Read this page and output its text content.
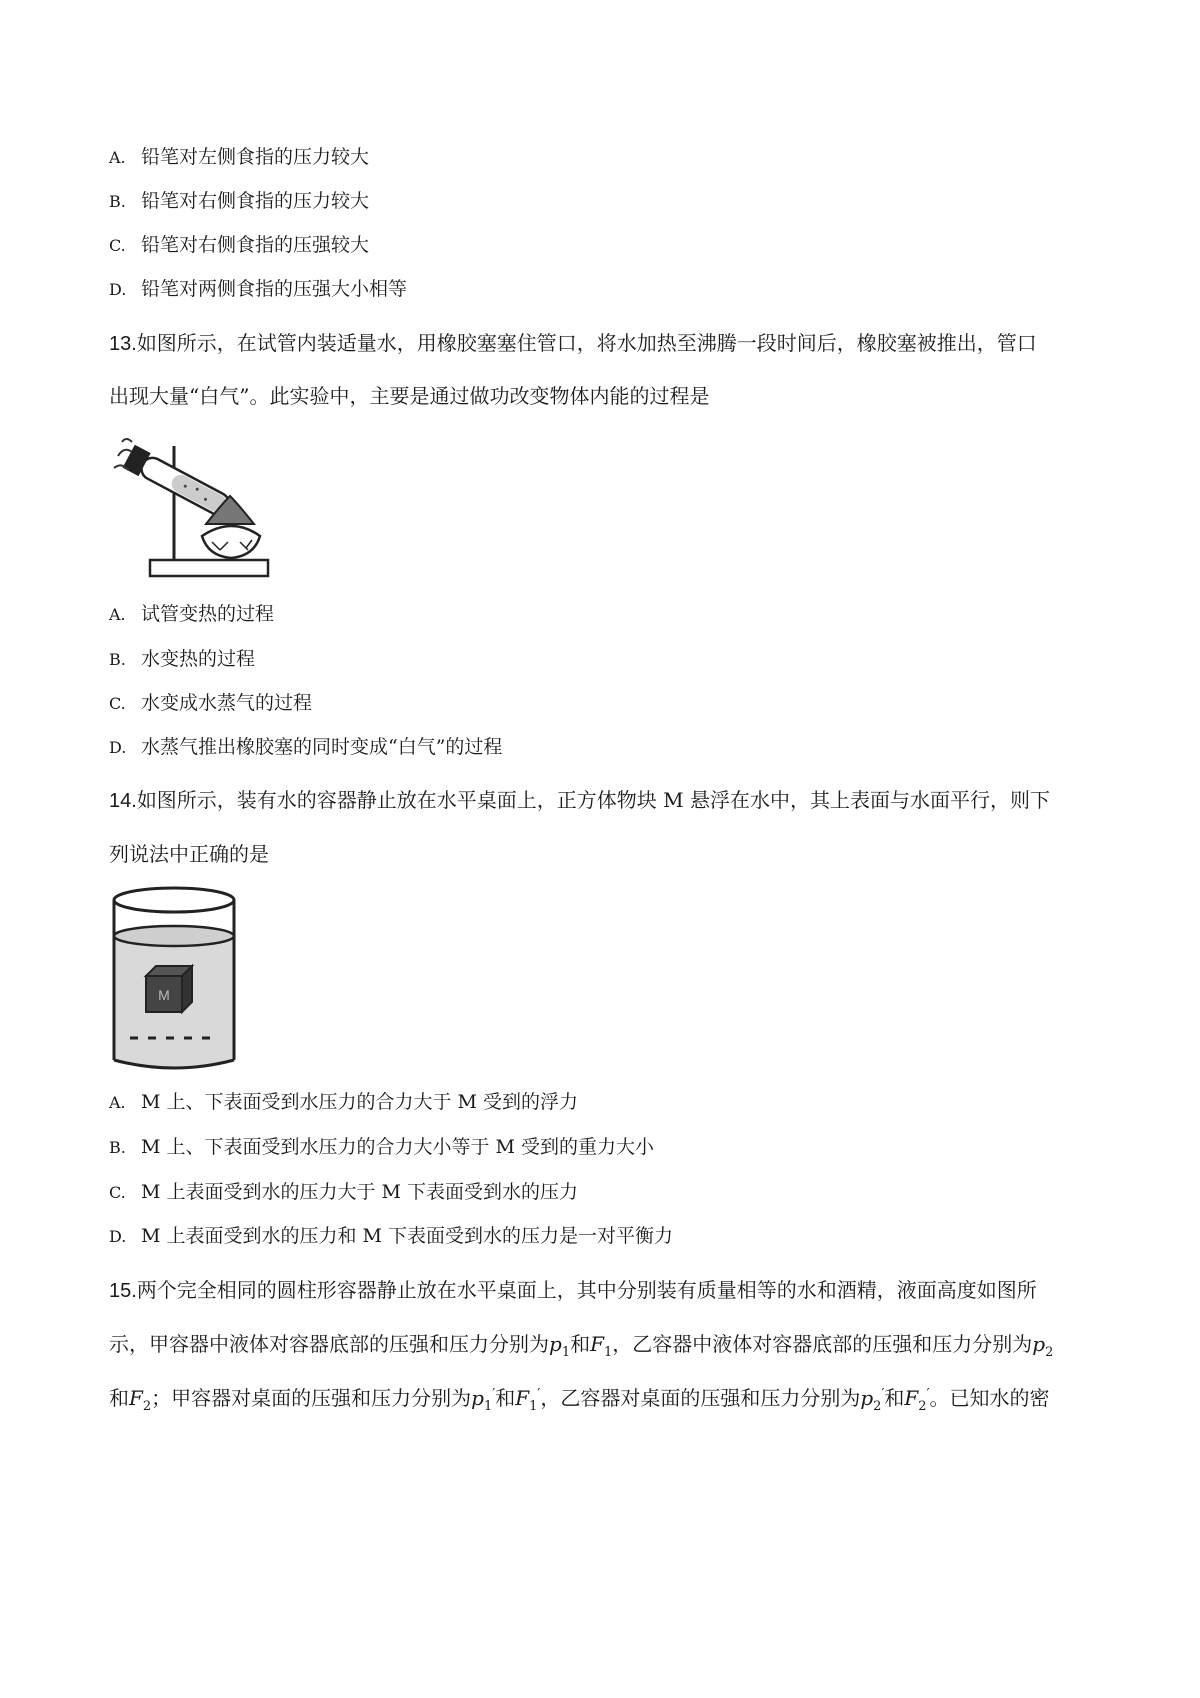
A. 铅笔对左侧食指的压力较大
B. 铅笔对右侧食指的压力较大
C. 铅笔对右侧食指的压强较大
D. 铅笔对两侧食指的压强大小相等
13.如图所示，在试管内装适量水，用橡胶塞塞住管口，将水加热至沸腾一段时间后，橡胶塞被推出，管口
出现大量“白气”。此实验中，主要是通过做功改变物体内能的过程是
A. 试管变热的过程
B. 水变热的过程
C. 水变成水蒸气的过程
D. 水蒸气推出橡胶塞的同时变成“白气”的过程
14.如图所示，装有水的容器静止放在水平桌面上，正方体物块 M 悬浮在水中，其上表面与水面平行，则下
列说法中正确的是
M
A. M 上、下表面受到水压力的合力大于 M 受到的浮力
B. M 上、下表面受到水压力的合力大小等于 M 受到的重力大小
C. M 上表面受到水的压力大于 M 下表面受到水的压力
D. M 上表面受到水的压力和 M 下表面受到水的压力是一对平衡力
15.两个完全相同的圆柱形容器静止放在水平桌面上，其中分别装有质量相等的水和酒精，液面高度如图所
示，甲容器中液体对容器底部的压强和压力分别为$p_1$和$F_1$，乙容器中液体对容器底部的压强和压力分别为$p_2$
和$F_2$；甲容器对桌面的压强和压力分别为$p_1'$和$F_1'$，乙容器对桌面的压强和压力分别为$p_2'$和$F_2'$。已知水的密
